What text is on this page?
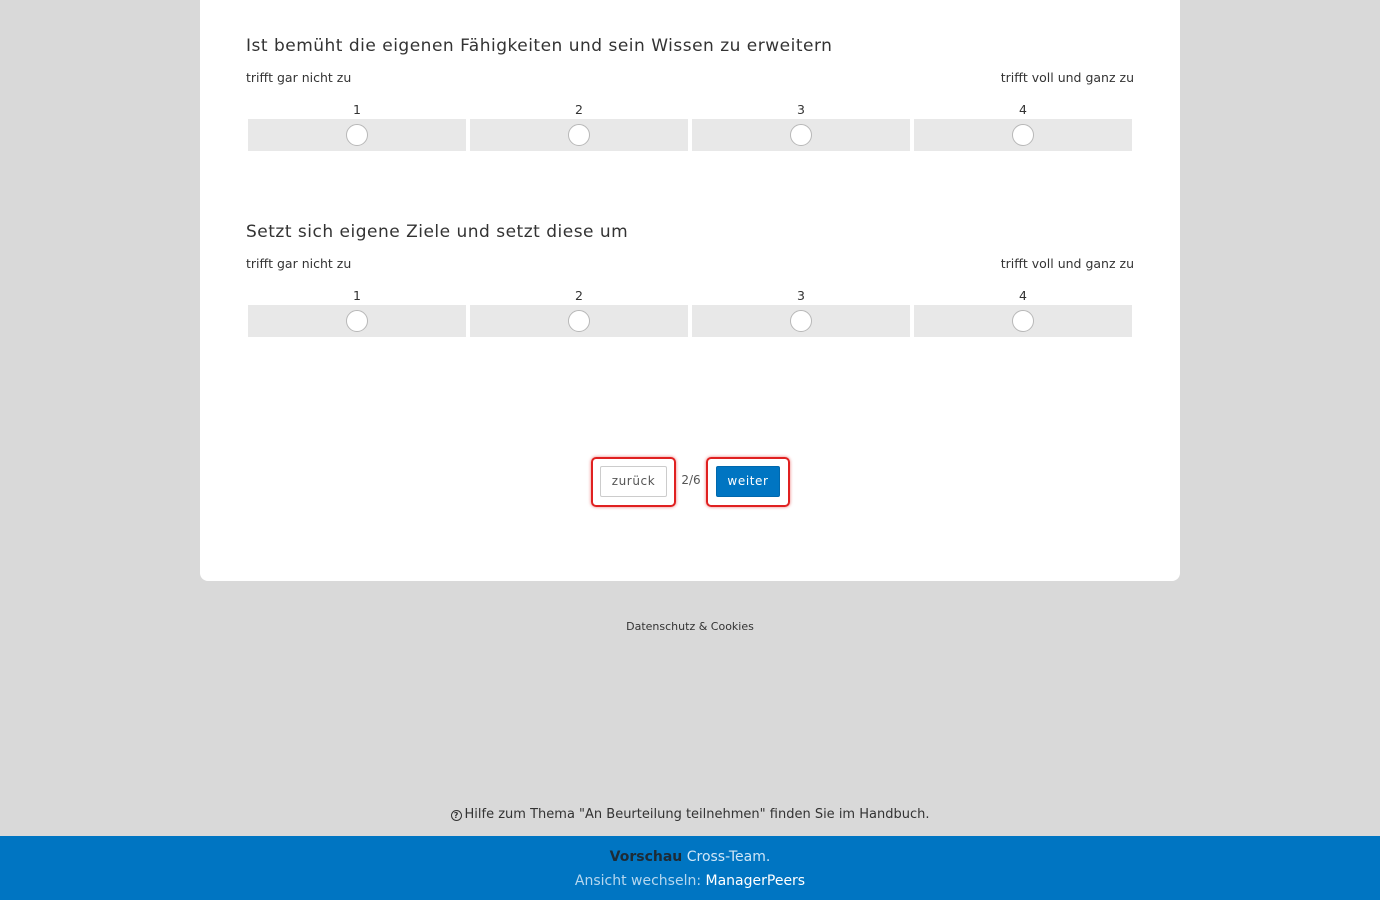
Ist bemüht die eigenen Fähigkeiten und sein Wissen zu erweitern
trifft gar nicht zu	trifft voll und ganz zu
1	2	3	4
Setzt sich eigene Ziele und setzt diese um
trifft gar nicht zu	trifft voll und ganz zu
1	2	3	4
zurück	2/6	weiter
Datenschutz & Cookies
? Hilfe zum Thema "An Beurteilung teilnehmen" finden Sie im Handbuch.
Vorschau Cross-Team.
Ansicht wechseln: ManagerPeers
